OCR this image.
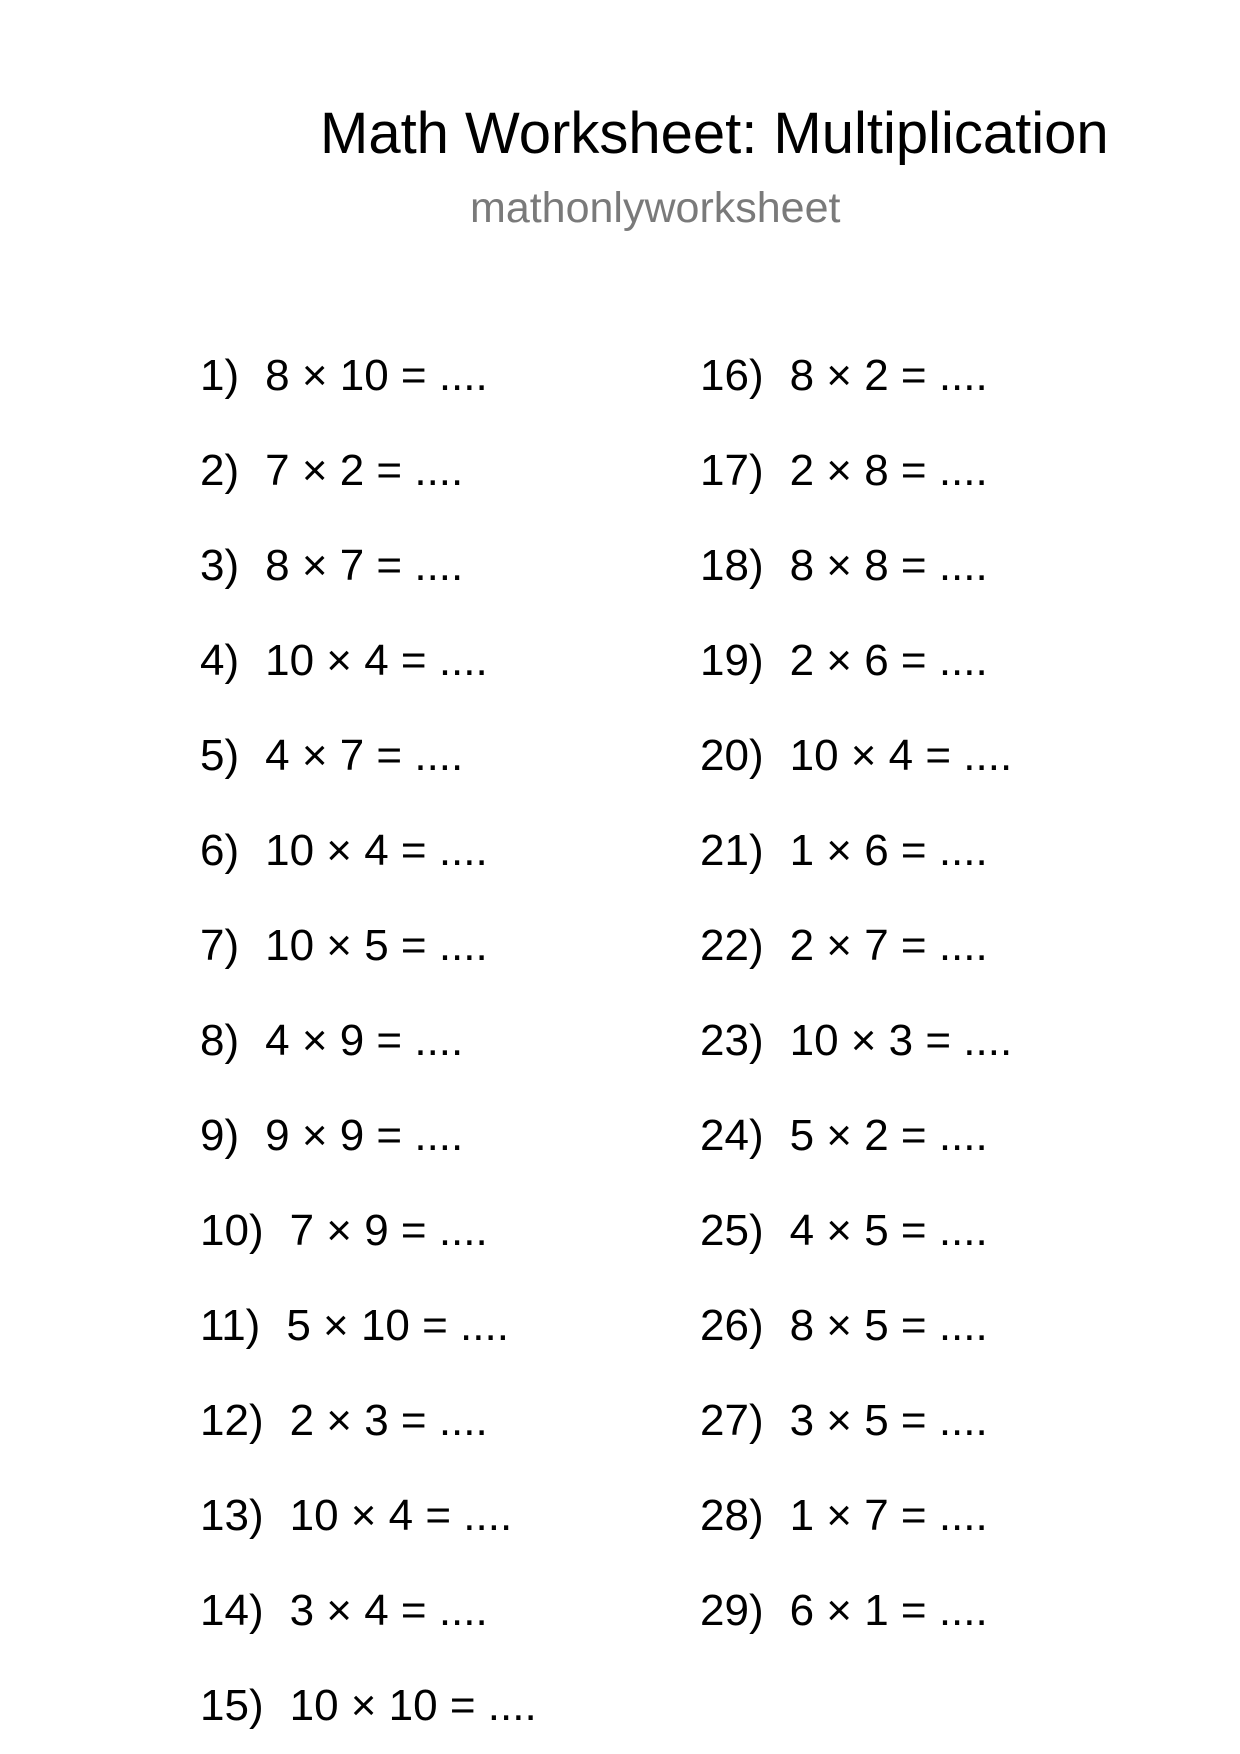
Math Worksheet: Multiplication
mathonlyworksheet
1) 8 × 10 = ....
2) 7 × 2 = ....
3) 8 × 7 = ....
4) 10 × 4 = ....
5) 4 × 7 = ....
6) 10 × 4 = ....
7) 10 × 5 = ....
8) 4 × 9 = ....
9) 9 × 9 = ....
10) 7 × 9 = ....
11) 5 × 10 = ....
12) 2 × 3 = ....
13) 10 × 4 = ....
14) 3 × 4 = ....
15) 10 × 10 = ....
16) 8 × 2 = ....
17) 2 × 8 = ....
18) 8 × 8 = ....
19) 2 × 6 = ....
20) 10 × 4 = ....
21) 1 × 6 = ....
22) 2 × 7 = ....
23) 10 × 3 = ....
24) 5 × 2 = ....
25) 4 × 5 = ....
26) 8 × 5 = ....
27) 3 × 5 = ....
28) 1 × 7 = ....
29) 6 × 1 = ....
